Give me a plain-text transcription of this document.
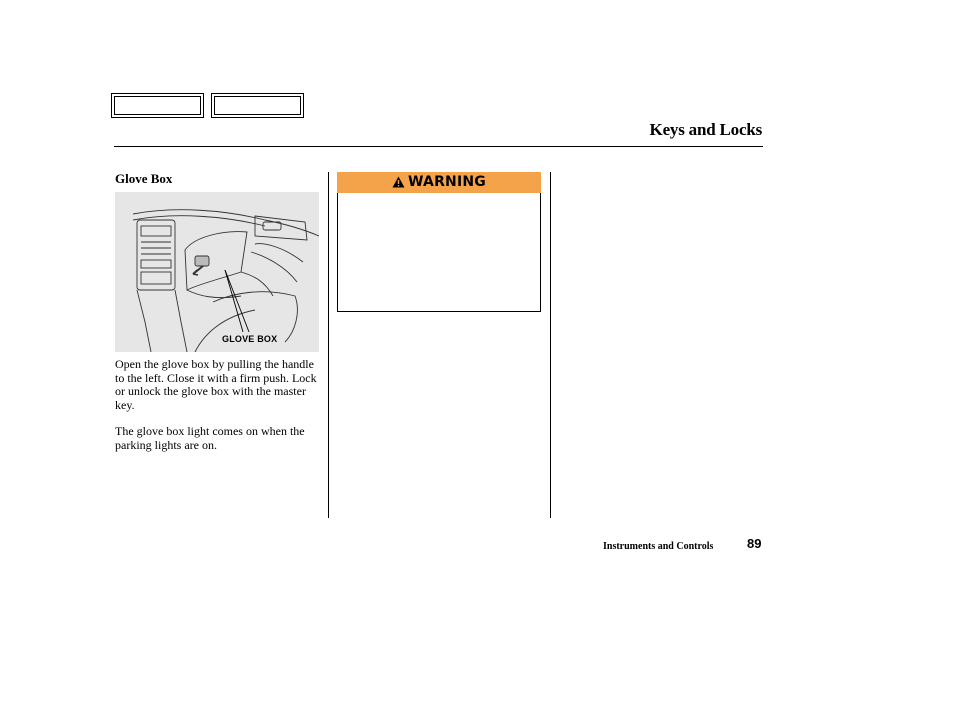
Keys and Locks
Glove Box
GLOVE BOX

Open the glove box by pulling the handle to the left. Close it with a firm push. Lock or unlock the glove box with the master key.

The glove box light comes on when the parking lights are on.

WARNING
Instruments and Controls	89
